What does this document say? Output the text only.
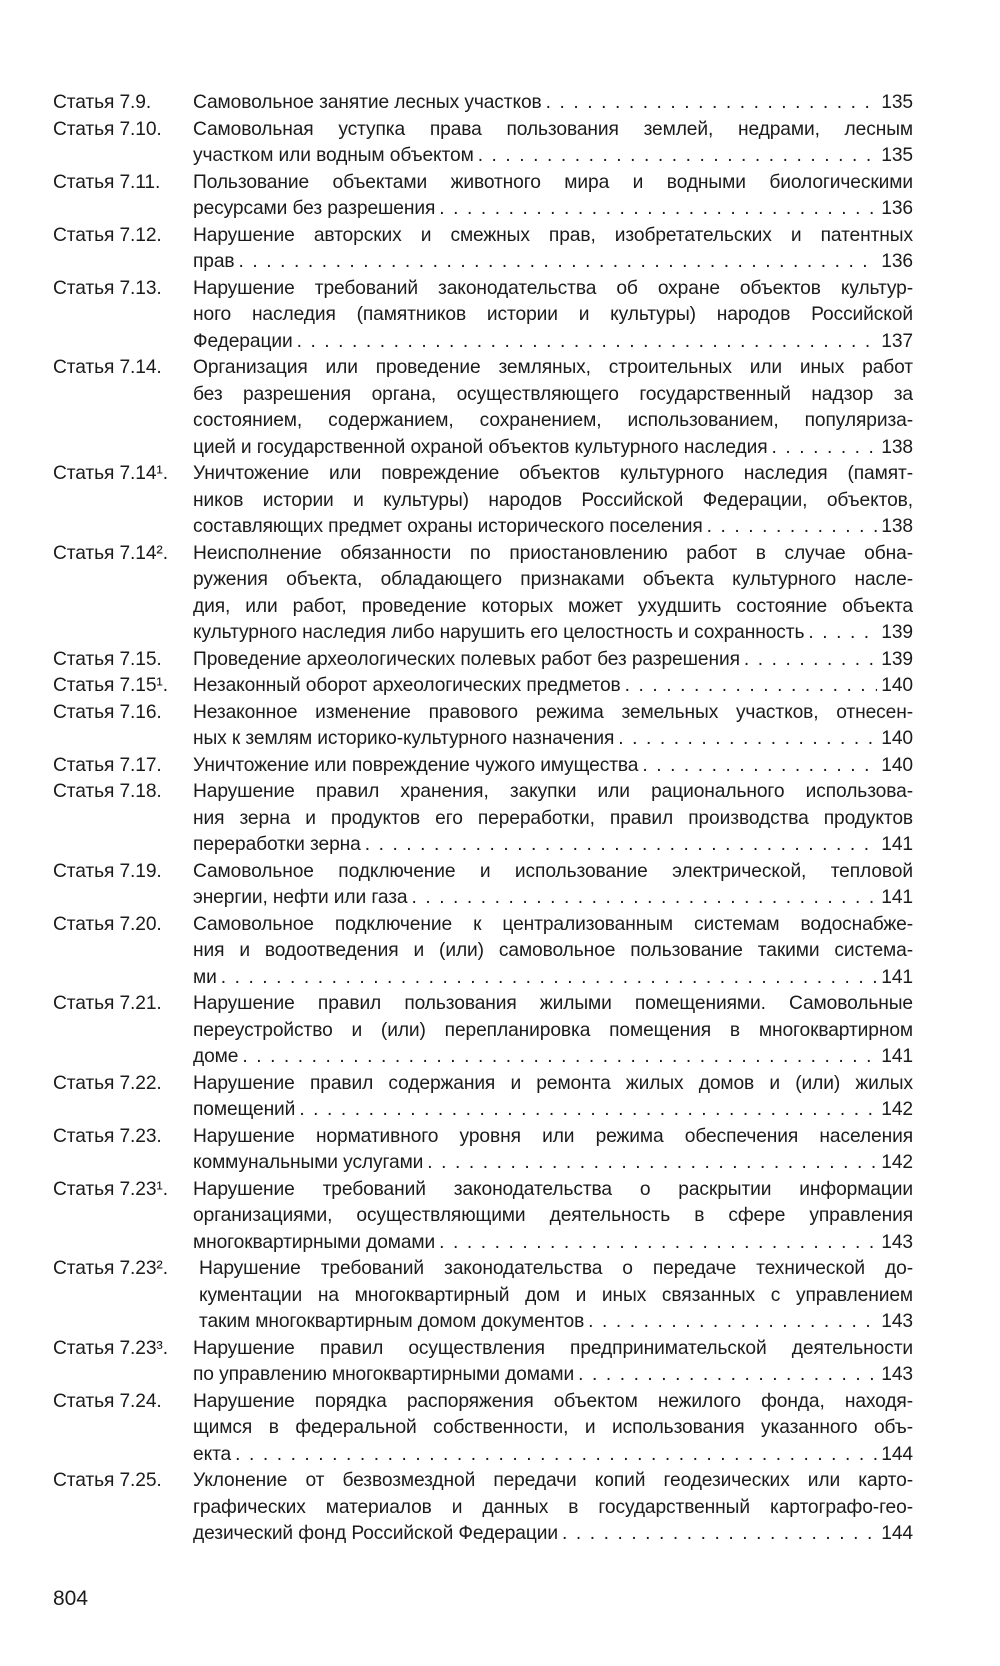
Статья 7.9.	Самовольное занятие лесных участков . . .	135
Статья 7.10.	Самовольная уступка права пользования землей, недрами, лесным
участком или водным объектом . . .	135
Статья 7.11.	Пользование объектами животного мира и водными биологическими
ресурсами без разрешения . . .	136
Статья 7.12.	Нарушение авторских и смежных прав, изобретательских и патентных
прав . . .	136
Статья 7.13.	Нарушение требований законодательства об охране объектов культур-
ного наследия (памятников истории и культуры) народов Российской
Федерации . . .	137
Статья 7.14.	Организация или проведение земляных, строительных или иных работ
без разрешения органа, осуществляющего государственный надзор за
состоянием, содержанием, сохранением, использованием, популяриза-
цией и государственной охраной объектов культурного наследия . . .	138
Статья 7.14¹.	Уничтожение или повреждение объектов культурного наследия (памят-
ников истории и культуры) народов Российской Федерации, объектов,
составляющих предмет охраны исторического поселения . . .	138
Статья 7.14².	Неисполнение обязанности по приостановлению работ в случае обна-
ружения объекта, обладающего признаками объекта культурного насле-
дия, или работ, проведение которых может ухудшить состояние объекта
культурного наследия либо нарушить его целостность и сохранность . . .	139
Статья 7.15.	Проведение археологических полевых работ без разрешения . . .	139
Статья 7.15¹.	Незаконный оборот археологических предметов . . .	140
Статья 7.16.	Незаконное изменение правового режима земельных участков, отнесен-
ных к землям историко-культурного назначения . . .	140
Статья 7.17.	Уничтожение или повреждение чужого имущества . . .	140
Статья 7.18.	Нарушение правил хранения, закупки или рационального использова-
ния зерна и продуктов его переработки, правил производства продуктов
переработки зерна . . .	141
Статья 7.19.	Самовольное подключение и использование электрической, тепловой
энергии, нефти или газа . . .	141
Статья 7.20.	Самовольное подключение к централизованным системам водоснабже-
ния и водоотведения и (или) самовольное пользование такими система-
ми . . .	141
Статья 7.21.	Нарушение правил пользования жилыми помещениями. Самовольные
переустройство и (или) перепланировка помещения в многоквартирном
доме . . .	141
Статья 7.22.	Нарушение правил содержания и ремонта жилых домов и (или) жилых
помещений . . .	142
Статья 7.23.	Нарушение нормативного уровня или режима обеспечения населения
коммунальными услугами . . .	142
Статья 7.23¹.	Нарушение требований законодательства о раскрытии информации
организациями, осуществляющими деятельность в сфере управления
многоквартирными домами . . .	143
Статья 7.23².	Нарушение требований законодательства о передаче технической до-
кументации на многоквартирный дом и иных связанных с управлением
таким многоквартирным домом документов . . .	143
Статья 7.23³.	Нарушение правил осуществления предпринимательской деятельности
по управлению многоквартирными домами . . .	143
Статья 7.24.	Нарушение порядка распоряжения объектом нежилого фонда, находя-
щимся в федеральной собственности, и использования указанного объ-
екта . . .	144
Статья 7.25.	Уклонение от безвозмездной передачи копий геодезических или карто-
графических материалов и данных в государственный картографо-гео-
дезический фонд Российской Федерации . . .	144
804
